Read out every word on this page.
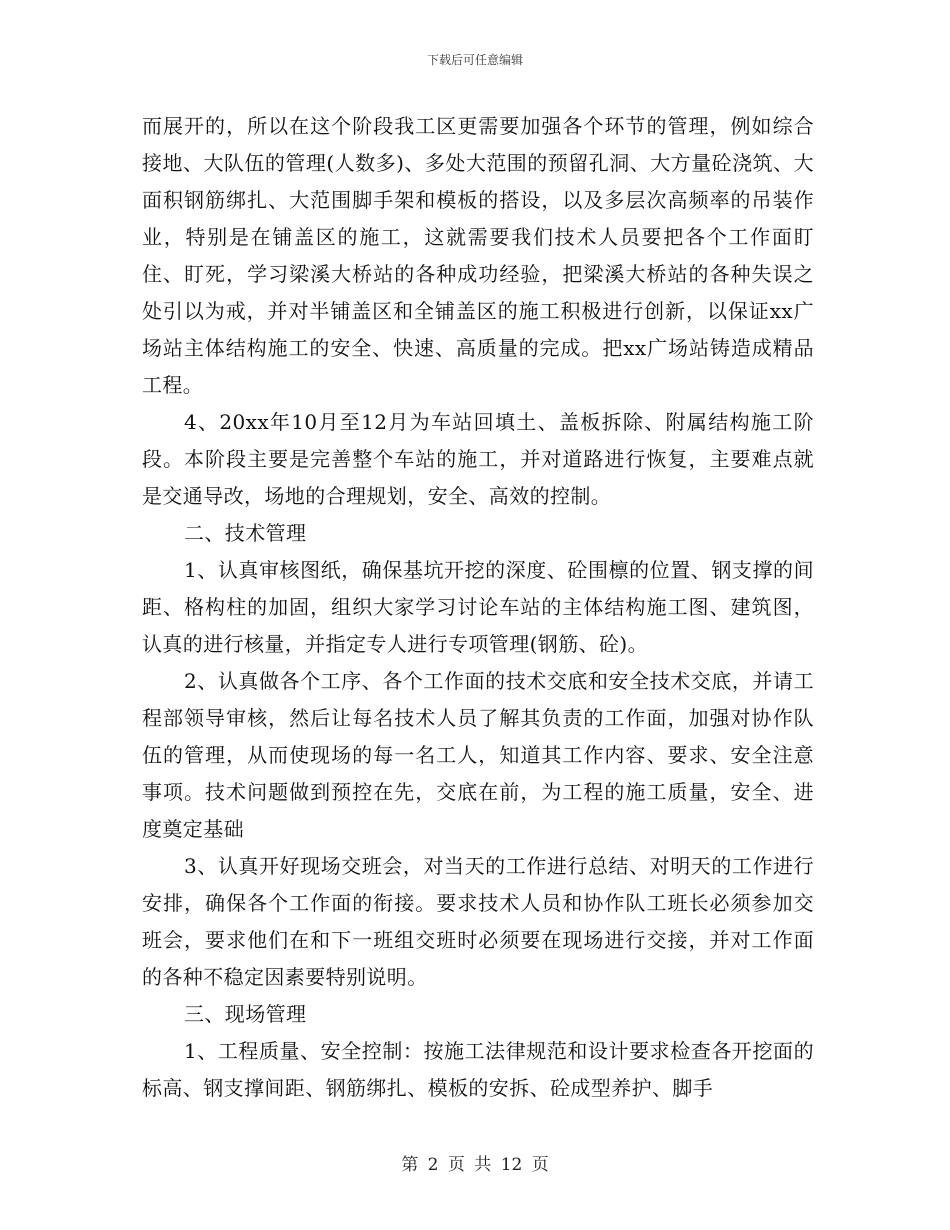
下载后可任意编辑

而展开的，所以在这个阶段我工区更需要加强各个环节的管理，例如综合接地、大队伍的管理(人数多)、多处大范围的预留孔洞、大方量砼浇筑、大面积钢筋绑扎、大范围脚手架和模板的搭设，以及多层次高频率的吊装作业，特别是在铺盖区的施工，这就需要我们技术人员要把各个工作面盯住、盯死，学习梁溪大桥站的各种成功经验，把梁溪大桥站的各种失误之处引以为戒，并对半铺盖区和全铺盖区的施工积极进行创新，以保证xx广场站主体结构施工的安全、快速、高质量的完成。把xx广场站铸造成精品工程。

4、20xx年10月至12月为车站回填土、盖板拆除、附属结构施工阶段。本阶段主要是完善整个车站的施工，并对道路进行恢复，主要难点就是交通导改，场地的合理规划，安全、高效的控制。

二、技术管理

1、认真审核图纸，确保基坑开挖的深度、砼围檩的位置、钢支撑的间距、格构柱的加固，组织大家学习讨论车站的主体结构施工图、建筑图，认真的进行核量，并指定专人进行专项管理(钢筋、砼)。

2、认真做各个工序、各个工作面的技术交底和安全技术交底，并请工程部领导审核，然后让每名技术人员了解其负责的工作面，加强对协作队伍的管理，从而使现场的每一名工人，知道其工作内容、要求、安全注意事项。技术问题做到预控在先，交底在前，为工程的施工质量，安全、进度奠定基础

3、认真开好现场交班会，对当天的工作进行总结、对明天的工作进行安排，确保各个工作面的衔接。要求技术人员和协作队工班长必须参加交班会，要求他们在和下一班组交班时必须要在现场进行交接，并对工作面的各种不稳定因素要特别说明。

三、现场管理

1、工程质量、安全控制：按施工法律规范和设计要求检查各开挖面的标高、钢支撑间距、钢筋绑扎、模板的安拆、砼成型养护、脚手

第 2 页 共 12 页
